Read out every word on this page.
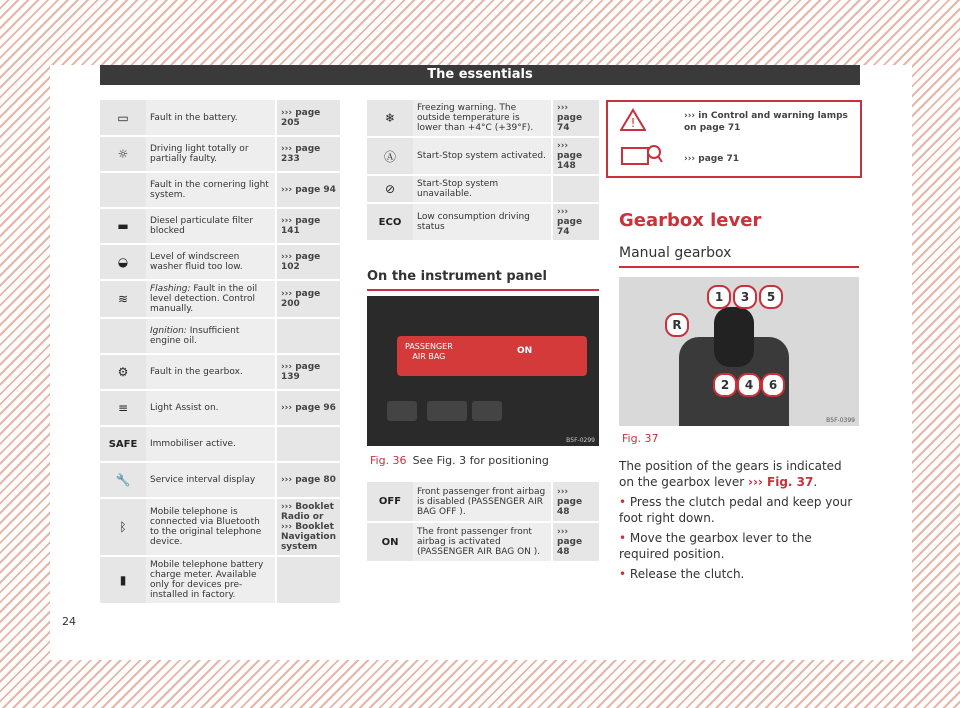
The essentials
▭	Fault in the battery.	››› page 205
☼	Driving light totally or partially faulty.	››› page 233
	Fault in the cornering light system.	››› page 94
▬	Diesel particulate filter blocked	››› page 141
◒	Level of windscreen washer fluid too low.	››› page 102
≋	Flashing: Fault in the oil level detection. Control manually.	››› page 200
	Ignition: Insufficient engine oil.	
⚙	Fault in the gearbox.	››› page 139
≡	Light Assist on.	››› page 96
SAFE	Immobiliser active.	
🔧	Service interval display	››› page 80
ᛒ	Mobile telephone is connected via Bluetooth to the original telephone device.	››› Booklet Radio or ››› Booklet Navigation system
▮	Mobile telephone battery charge meter. Available only for devices pre-installed in factory.	
❄	Freezing warning. The outside temperature is lower than +4°C (+39°F).	››› page 74
Ⓐ	Start-Stop system activated.	››› page 148
⊘	Start-Stop system unavailable.	
ECO	Low consumption driving status	››› page 74
On the instrument panel
PASSENGER
AIR BAG
ON
B5F-0299
Fig. 36 See Fig. 3 for positioning
OFF	Front passenger front airbag is disabled (PASSENGER AIR BAG OFF ).	››› page 48
ON	The front passenger front airbag is activated (PASSENGER AIR BAG ON ).	››› page 48
!	››› in Control and warning lamps on page 71
››› page 71
Gearbox lever
Manual gearbox
1	3	5
R
2	4	6
B5F-0399
Fig. 37

The position of the gears is indicated on the gearbox lever ››› Fig. 37.

• Press the clutch pedal and keep your foot right down.

• Move the gearbox lever to the required position.

• Release the clutch.

24
